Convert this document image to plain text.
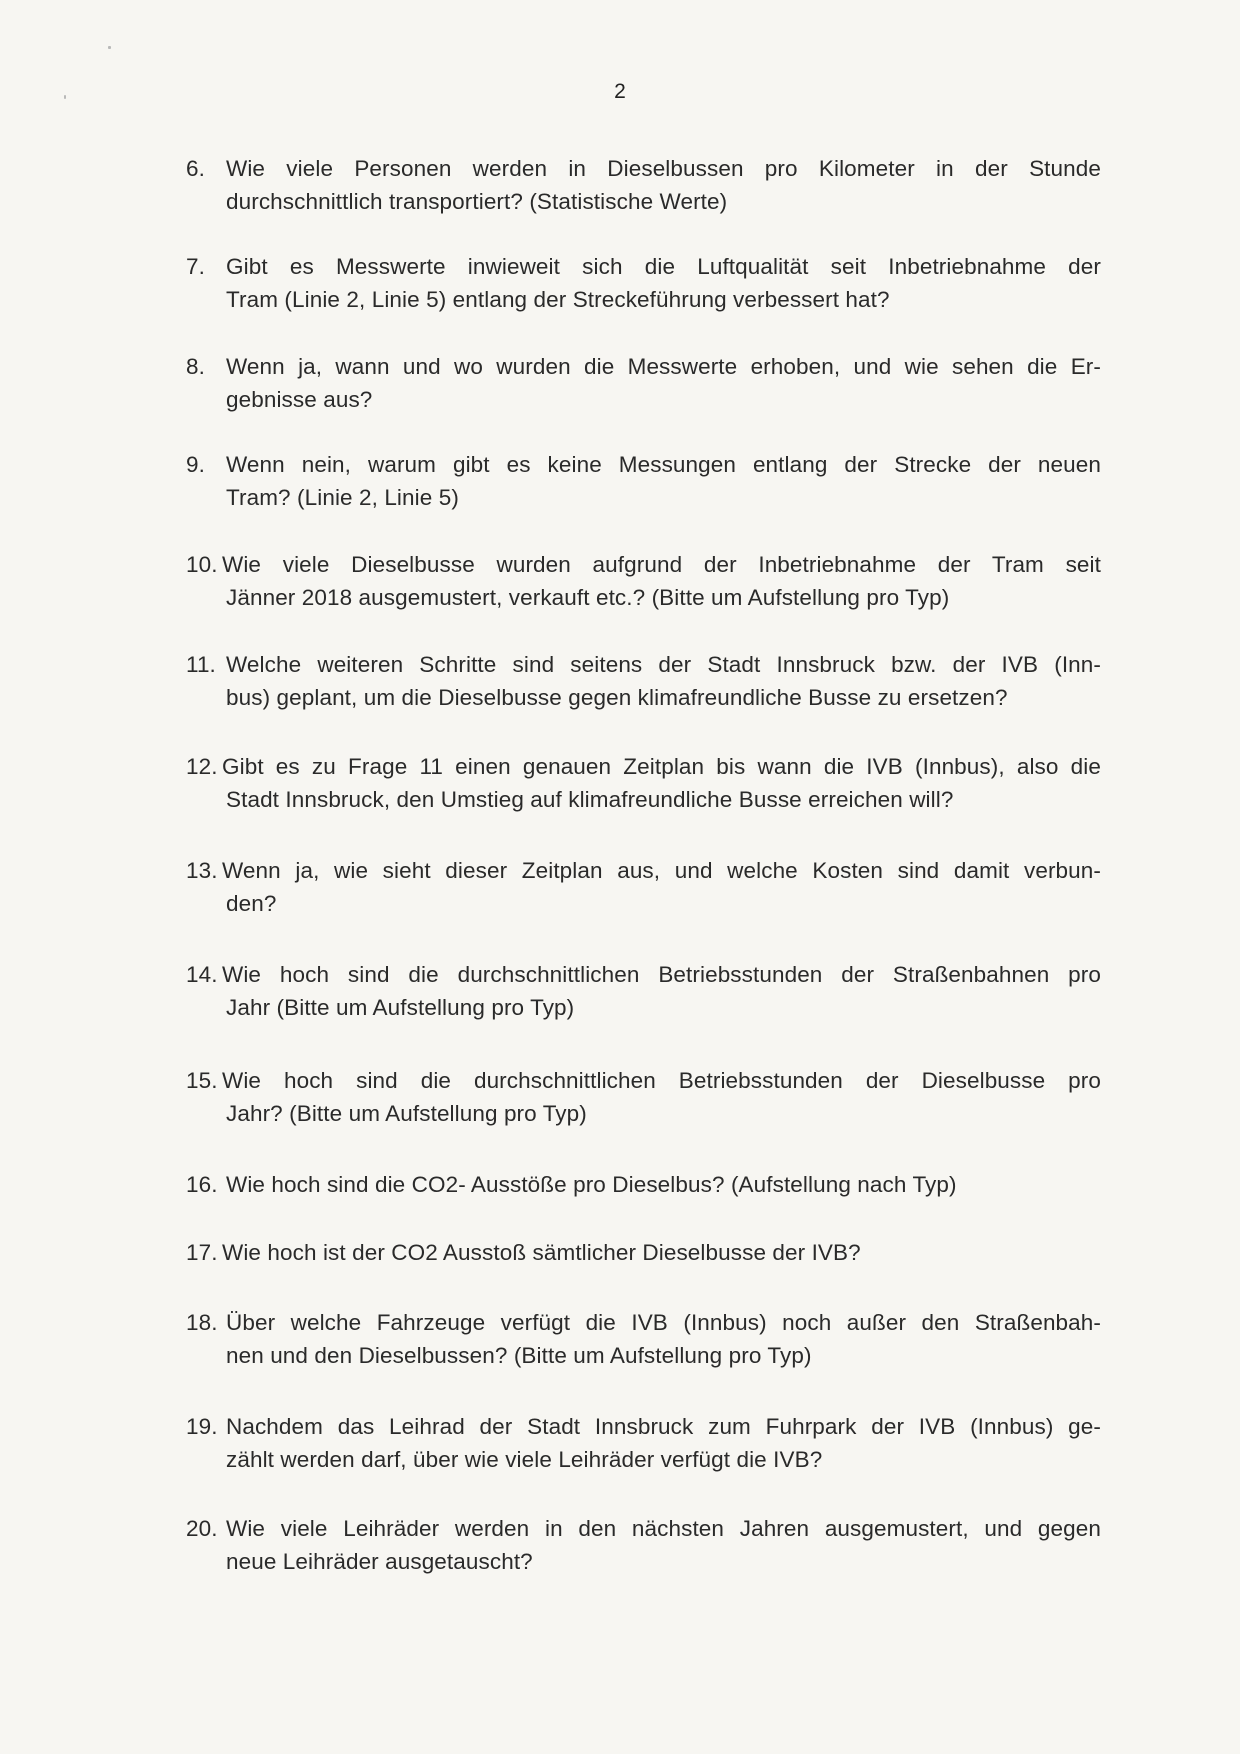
2
6. Wie viele Personen werden in Dieselbussen pro Kilometer in der Stunde
durchschnittlich transportiert? (Statistische Werte)
7. Gibt es Messwerte inwieweit sich die Luftqualität seit Inbetriebnahme der
Tram (Linie 2, Linie 5) entlang der Streckeführung verbessert hat?
8. Wenn ja, wann und wo wurden die Messwerte erhoben, und wie sehen die Er-
gebnisse aus?
9. Wenn nein, warum gibt es keine Messungen entlang der Strecke der neuen
Tram? (Linie 2, Linie 5)
10. Wie viele Dieselbusse wurden aufgrund der Inbetriebnahme der Tram seit
Jänner 2018 ausgemustert, verkauft etc.? (Bitte um Aufstellung pro Typ)
11. Welche weiteren Schritte sind seitens der Stadt Innsbruck bzw. der IVB (Inn-
bus) geplant, um die Dieselbusse gegen klimafreundliche Busse zu ersetzen?
12. Gibt es zu Frage 11 einen genauen Zeitplan bis wann die IVB (Innbus), also die
Stadt Innsbruck, den Umstieg auf klimafreundliche Busse erreichen will?
13. Wenn ja, wie sieht dieser Zeitplan aus, und welche Kosten sind damit verbun-
den?
14. Wie hoch sind die durchschnittlichen Betriebsstunden der Straßenbahnen pro
Jahr (Bitte um Aufstellung pro Typ)
15. Wie hoch sind die durchschnittlichen Betriebsstunden der Dieselbusse pro
Jahr? (Bitte um Aufstellung pro Typ)
16. Wie hoch sind die CO2- Ausstöße pro Dieselbus? (Aufstellung nach Typ)
17. Wie hoch ist der CO2 Ausstoß sämtlicher Dieselbusse der IVB?
18. Über welche Fahrzeuge verfügt die IVB (Innbus) noch außer den Straßenbah-
nen und den Dieselbussen? (Bitte um Aufstellung pro Typ)
19. Nachdem das Leihrad der Stadt Innsbruck zum Fuhrpark der IVB (Innbus) ge-
zählt werden darf, über wie viele Leihräder verfügt die IVB?
20. Wie viele Leihräder werden in den nächsten Jahren ausgemustert, und gegen
neue Leihräder ausgetauscht?
